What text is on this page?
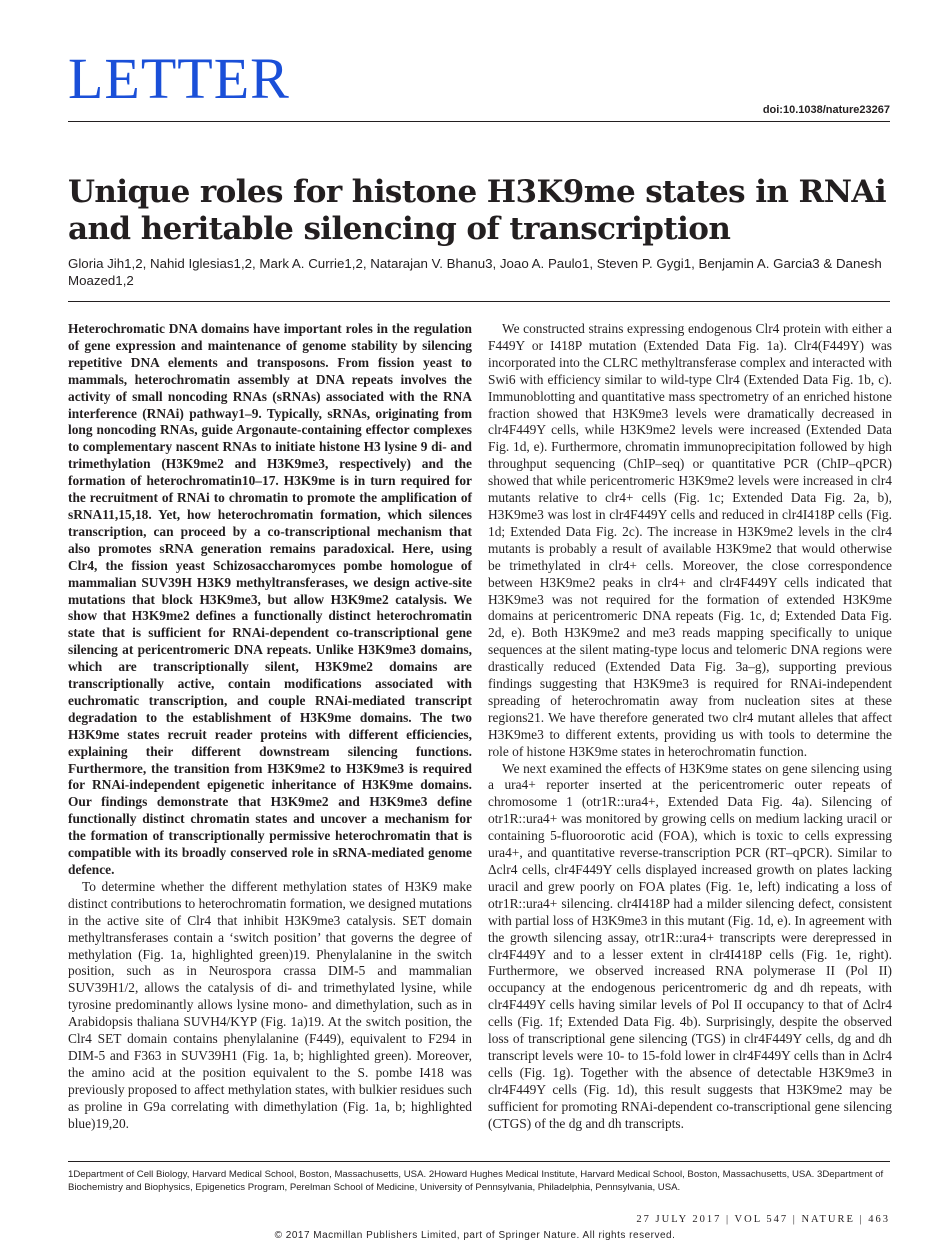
LETTER	doi:10.1038/nature23267
Unique roles for histone H3K9me states in RNAi and heritable silencing of transcription
Gloria Jih1,2, Nahid Iglesias1,2, Mark A. Currie1,2, Natarajan V. Bhanu3, Joao A. Paulo1, Steven P. Gygi1, Benjamin A. Garcia3 & Danesh Moazed1,2

Heterochromatic DNA domains have important roles in the regulation of gene expression and maintenance of genome stability by silencing repetitive DNA elements and transposons. From fission yeast to mammals, heterochromatin assembly at DNA repeats involves the activity of small noncoding RNAs (sRNAs) associated with the RNA interference (RNAi) pathway1–9. Typically, sRNAs, originating from long noncoding RNAs, guide Argonaute-containing effector complexes to complementary nascent RNAs to initiate histone H3 lysine 9 di- and trimethylation (H3K9me2 and H3K9me3, respectively) and the formation of heterochromatin10–17. H3K9me is in turn required for the recruitment of RNAi to chromatin to promote the amplification of sRNA11,15,18. Yet, how heterochromatin formation, which silences transcription, can proceed by a co-transcriptional mechanism that also promotes sRNA generation remains paradoxical. Here, using Clr4, the fission yeast Schizosaccharomyces pombe homologue of mammalian SUV39H H3K9 methyltransferases, we design active-site mutations that block H3K9me3, but allow H3K9me2 catalysis. We show that H3K9me2 defines a functionally distinct heterochromatin state that is sufficient for RNAi-dependent co-transcriptional gene silencing at pericentromeric DNA repeats. Unlike H3K9me3 domains, which are transcriptionally silent, H3K9me2 domains are transcriptionally active, contain modifications associated with euchromatic transcription, and couple RNAi-mediated transcript degradation to the establishment of H3K9me domains. The two H3K9me states recruit reader proteins with different efficiencies, explaining their different downstream silencing functions. Furthermore, the transition from H3K9me2 to H3K9me3 is required for RNAi-independent epigenetic inheritance of H3K9me domains. Our findings demonstrate that H3K9me2 and H3K9me3 define functionally distinct chromatin states and uncover a mechanism for the formation of transcriptionally permissive heterochromatin that is compatible with its broadly conserved role in sRNA-mediated genome defence.

To determine whether the different methylation states of H3K9 make distinct contributions to heterochromatin formation, we designed mutations in the active site of Clr4 that inhibit H3K9me3 catalysis. SET domain methyltransferases contain a ‘switch position’ that governs the degree of methylation (Fig. 1a, highlighted green)19. Phenylalanine in the switch position, such as in Neurospora crassa DIM-5 and mammalian SUV39H1/2, allows the catalysis of di- and trimethylated lysine, while tyrosine predominantly allows lysine mono- and dimethylation, such as in Arabidopsis thaliana SUVH4/KYP (Fig. 1a)19. At the switch position, the Clr4 SET domain contains phenylalanine (F449), equivalent to F294 in DIM-5 and F363 in SUV39H1 (Fig. 1a, b; highlighted green). Moreover, the amino acid at the position equivalent to the S. pombe I418 was previously proposed to affect methylation states, with bulkier residues such as proline in G9a correlating with dimethylation (Fig. 1a, b; highlighted blue)19,20.

We constructed strains expressing endogenous Clr4 protein with either a F449Y or I418P mutation (Extended Data Fig. 1a). Clr4(F449Y) was incorporated into the CLRC methyltransferase complex and interacted with Swi6 with efficiency similar to wild-type Clr4 (Extended Data Fig. 1b, c). Immunoblotting and quantitative mass spectrometry of an enriched histone fraction showed that H3K9me3 levels were dramatically decreased in clr4F449Y cells, while H3K9me2 levels were increased (Extended Data Fig. 1d, e). Furthermore, chromatin immunoprecipitation followed by high throughput sequencing (ChIP–seq) or quantitative PCR (ChIP–qPCR) showed that while pericentromeric H3K9me2 levels were increased in clr4 mutants relative to clr4+ cells (Fig. 1c; Extended Data Fig. 2a, b), H3K9me3 was lost in clr4F449Y cells and reduced in clr4I418P cells (Fig. 1d; Extended Data Fig. 2c). The increase in H3K9me2 levels in the clr4 mutants is probably a result of available H3K9me2 that would otherwise be trimethylated in clr4+ cells. Moreover, the close correspondence between H3K9me2 peaks in clr4+ and clr4F449Y cells indicated that H3K9me3 was not required for the formation of extended H3K9me domains at pericentromeric DNA repeats (Fig. 1c, d; Extended Data Fig. 2d, e). Both H3K9me2 and me3 reads mapping specifically to unique sequences at the silent mating-type locus and telomeric DNA regions were drastically reduced (Extended Data Fig. 3a–g), supporting previous findings suggesting that H3K9me3 is required for RNAi-independent spreading of heterochromatin away from nucleation sites at these regions21. We have therefore generated two clr4 mutant alleles that affect H3K9me3 to different extents, providing us with tools to determine the role of histone H3K9me states in heterochromatin function.

We next examined the effects of H3K9me states on gene silencing using a ura4+ reporter inserted at the pericentromeric outer repeats of chromosome 1 (otr1R::ura4+, Extended Data Fig. 4a). Silencing of otr1R::ura4+ was monitored by growing cells on medium lacking uracil or containing 5-fluoroorotic acid (FOA), which is toxic to cells expressing ura4+, and quantitative reverse-transcription PCR (RT–qPCR). Similar to Δclr4 cells, clr4F449Y cells displayed increased growth on plates lacking uracil and grew poorly on FOA plates (Fig. 1e, left) indicating a loss of otr1R::ura4+ silencing. clr4I418P had a milder silencing defect, consistent with partial loss of H3K9me3 in this mutant (Fig. 1d, e). In agreement with the growth silencing assay, otr1R::ura4+ transcripts were derepressed in clr4F449Y and to a lesser extent in clr4I418P cells (Fig. 1e, right). Furthermore, we observed increased RNA polymerase II (Pol II) occupancy at the endogenous pericentromeric dg and dh repeats, with clr4F449Y cells having similar levels of Pol II occupancy to that of Δclr4 cells (Fig. 1f; Extended Data Fig. 4b). Surprisingly, despite the observed loss of transcriptional gene silencing (TGS) in clr4F449Y cells, dg and dh transcript levels were 10- to 15-fold lower in clr4F449Y cells than in Δclr4 cells (Fig. 1g). Together with the absence of detectable H3K9me3 in clr4F449Y cells (Fig. 1d), this result suggests that H3K9me2 may be sufficient for promoting RNAi-dependent co-transcriptional gene silencing (CTGS) of the dg and dh transcripts.

1Department of Cell Biology, Harvard Medical School, Boston, Massachusetts, USA. 2Howard Hughes Medical Institute, Harvard Medical School, Boston, Massachusetts, USA. 3Department of Biochemistry and Biophysics, Epigenetics Program, Perelman School of Medicine, University of Pennsylvania, Philadelphia, Pennsylvania, USA.

27 JULY 2017 | VOL 547 | NATURE | 463
© 2017 Macmillan Publishers Limited, part of Springer Nature. All rights reserved.
